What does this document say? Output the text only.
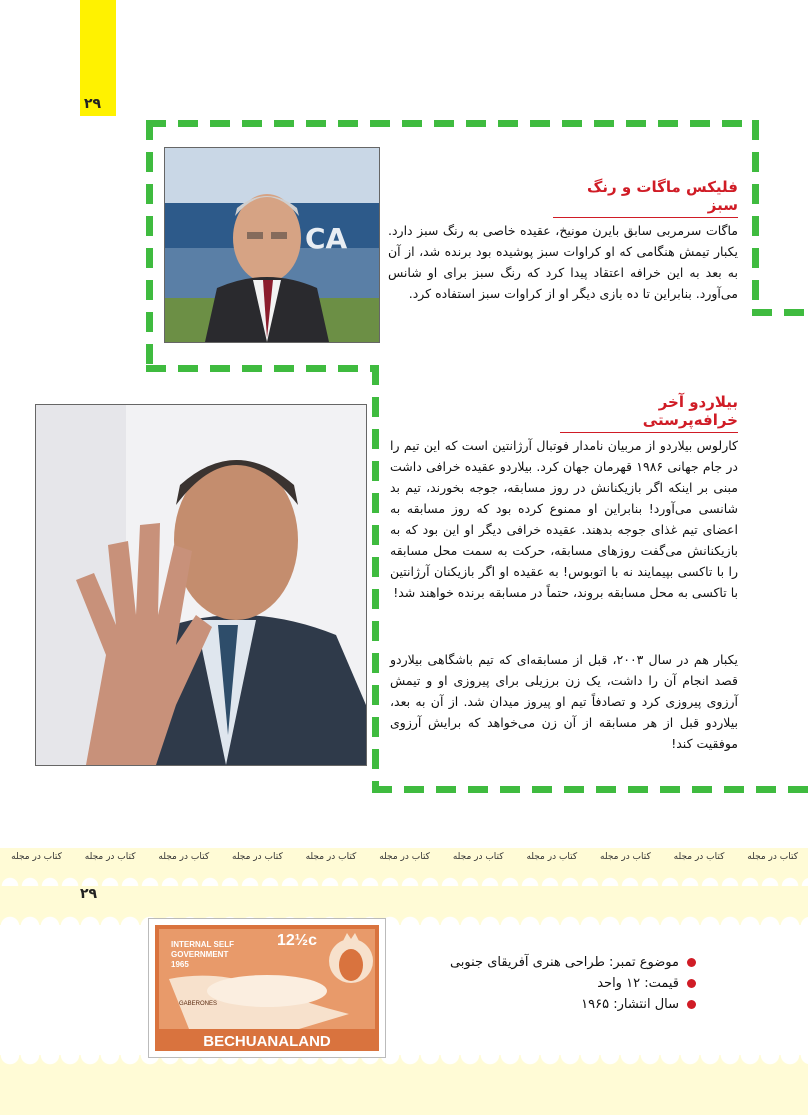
۲۹
CA
فلیکس ماگات و رنگ سبز
ماگات سرمربی سابق بایرن مونیخ، عقیده خاصی به رنگ سبز دارد. یکبار تیمش هنگامی که او کراوات سبز پوشیده بود برنده شد، از آن به بعد به این خرافه اعتقاد پیدا کرد که رنگ سبز برای او شانس می‌آورد. بنابراین تا ده بازی دیگر او از کراوات سبز استفاده کرد.
بیلاردو آخر خرافه‌پرستی
کارلوس بیلاردو از مربیان نامدار فوتبال آرژانتین است که این تیم را در جام جهانی ۱۹۸۶ قهرمان جهان کرد. بیلاردو عقیده خرافی داشت مبنی بر اینکه اگر بازیکنانش در روز مسابقه، جوجه بخورند، تیم بد شانسی می‌آورد! بنابراین او ممنوع کرده بود که روز مسابقه به اعضای تیم غذای جوجه بدهند. عقیده خرافی دیگر او این بود که به بازیکنانش می‌گفت روزهای مسابقه، حرکت به سمت محل مسابقه را با تاکسی بپیمایند نه با اتوبوس! به عقیده او اگر بازیکنان آرژانتین با تاکسی به محل مسابقه بروند، حتماً در مسابقه برنده خواهند شد!
یکبار هم در سال ۲۰۰۳، قبل از مسابقه‌ای که تیم باشگاهی بیلاردو قصد انجام آن را داشت، یک زن برزیلی برای پیروزی او و تیمش آرزوی پیروزی کرد و تصادفاً تیم او پیروز میدان شد. از آن به بعد، بیلاردو قبل از هر مسابقه از آن زن می‌خواهد که برایش آرزوی موفقیت کند!
کتاب در مجله کتاب در مجله کتاب در مجله کتاب در مجله کتاب در مجله کتاب در مجله کتاب در مجله کتاب در مجله کتاب در مجله کتاب در مجله کتاب در مجله
۲۹
INTERNAL SELF
GOVERNMENT
1965
12½c
GABERONES
BECHUANALAND
موضوع تمبر: طراحی هنری آفریقای جنوبی
قیمت: ۱۲ واحد
سال انتشار: ۱۹۶۵
